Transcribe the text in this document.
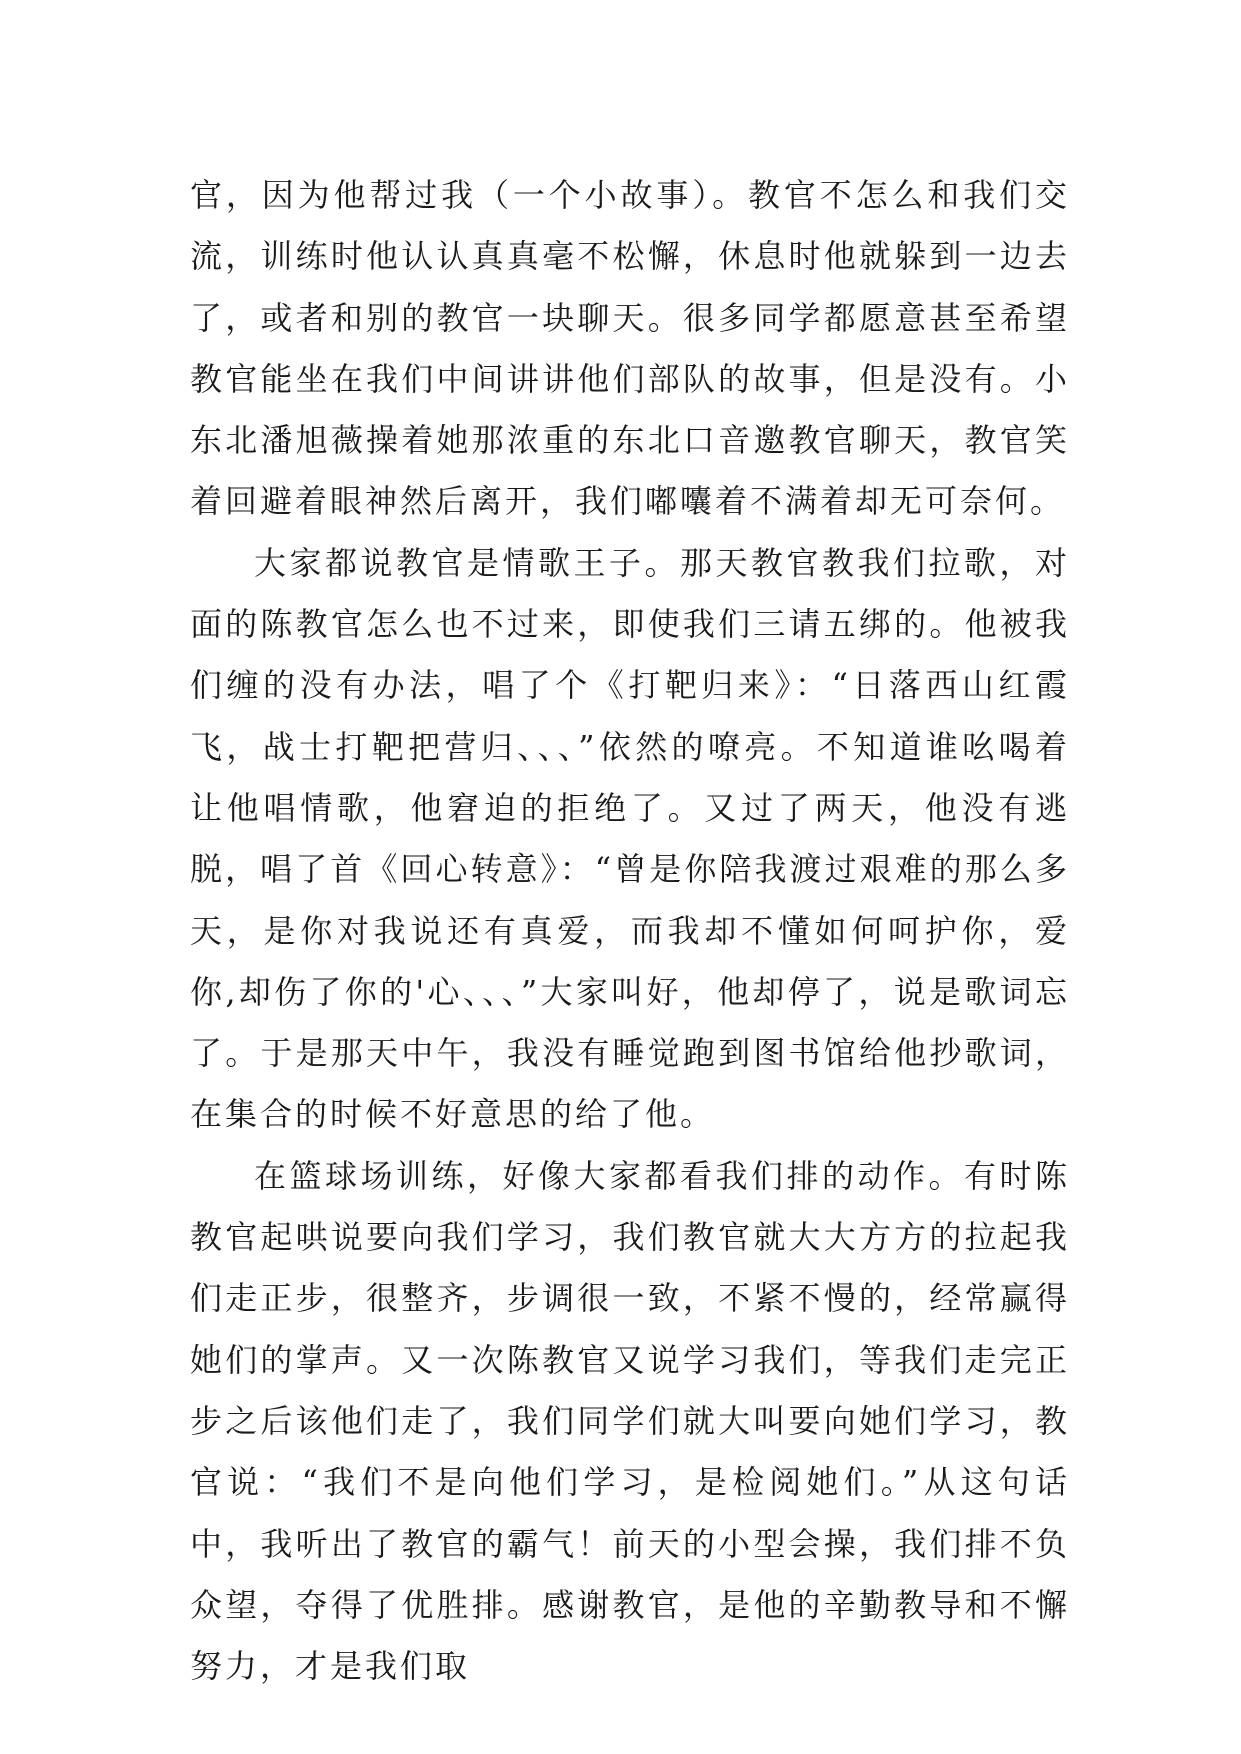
官，因为他帮过我（一个小故事）。教官不怎么和我们交流，训练时他认认真真毫不松懈，休息时他就躲到一边去了，或者和别的教官一块聊天。很多同学都愿意甚至希望教官能坐在我们中间讲讲他们部队的故事，但是没有。小东北潘旭薇操着她那浓重的东北口音邀教官聊天，教官笑着回避着眼神然后离开，我们嘟囔着不满着却无可奈何。

大家都说教官是情歌王子。那天教官教我们拉歌，对面的陈教官怎么也不过来，即使我们三请五绑的。他被我们缠的没有办法，唱了个《打靶归来》：“日落西山红霞飞，战士打靶把营归、、、”依然的嘹亮。不知道谁吆喝着让他唱情歌，他窘迫的拒绝了。又过了两天，他没有逃脱，唱了首《回心转意》：“曾是你陪我渡过艰难的那么多天，是你对我说还有真爱，而我却不懂如何呵护你，爱你,却伤了你的'心、、、”大家叫好，他却停了，说是歌词忘了。于是那天中午，我没有睡觉跑到图书馆给他抄歌词，在集合的时候不好意思的给了他。

在篮球场训练，好像大家都看我们排的动作。有时陈教官起哄说要向我们学习，我们教官就大大方方的拉起我们走正步，很整齐，步调很一致，不紧不慢的，经常赢得她们的掌声。又一次陈教官又说学习我们，等我们走完正步之后该他们走了，我们同学们就大叫要向她们学习，教官说：“我们不是向他们学习，是检阅她们。”从这句话中，我听出了教官的霸气！前天的小型会操，我们排不负众望，夺得了优胜排。感谢教官，是他的辛勤教导和不懈努力，才是我们取
